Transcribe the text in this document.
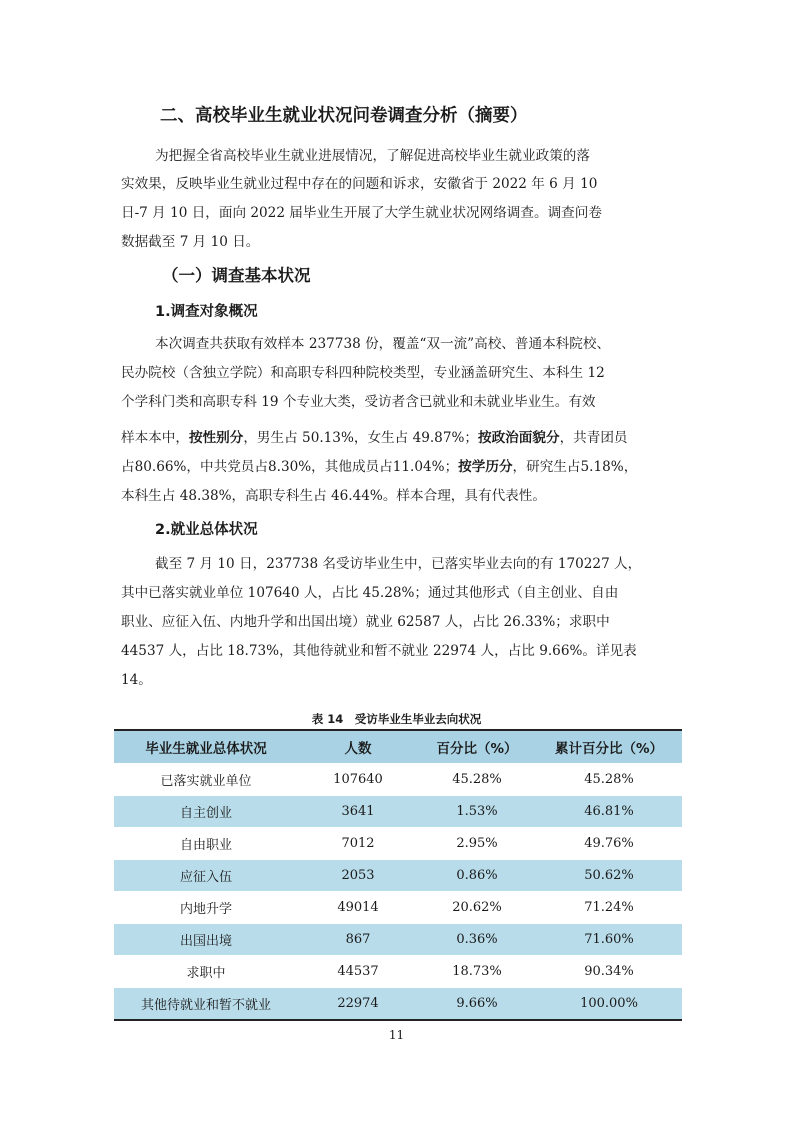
二、高校毕业生就业状况问卷调查分析（摘要）
为把握全省高校毕业生就业进展情况，了解促进高校毕业生就业政策的落
实效果，反映毕业生就业过程中存在的问题和诉求，安徽省于 2022 年 6 月 10
日-7 月 10 日，面向 2022 届毕业生开展了大学生就业状况网络调查。调查问卷
数据截至 7 月 10 日。
（一）调查基本状况
1.调查对象概况
本次调查共获取有效样本 237738 份，覆盖“双一流”高校、普通本科院校、
民办院校（含独立学院）和高职专科四种院校类型，专业涵盖研究生、本科生 12
个学科门类和高职专科 19 个专业大类，受访者含已就业和未就业毕业生。有效
样本本中，按性别分，男生占 50.13%，女生占 49.87%；按政治面貌分，共青团员
占80.66%，中共党员占8.30%，其他成员占11.04%；按学历分，研究生占5.18%，
本科生占 48.38%，高职专科生占 46.44%。样本合理，具有代表性。
2.就业总体状况
截至 7 月 10 日，237738 名受访毕业生中，已落实毕业去向的有 170227 人，
其中已落实就业单位 107640 人，占比 45.28%；通过其他形式（自主创业、自由
职业、应征入伍、内地升学和出国出境）就业 62587 人，占比 26.33%；求职中
44537 人，占比 18.73%，其他待就业和暂不就业 22974 人，占比 9.66%。详见表
14。
表 14　受访毕业生毕业去向状况
毕业生就业总体状况	人数	百分比（%）	累计百分比（%）
已落实就业单位	107640	45.28%	45.28%
自主创业	3641	1.53%	46.81%
自由职业	7012	2.95%	49.76%
应征入伍	2053	0.86%	50.62%
内地升学	49014	20.62%	71.24%
出国出境	867	0.36%	71.60%
求职中	44537	18.73%	90.34%
其他待就业和暂不就业	22974	9.66%	100.00%
11
